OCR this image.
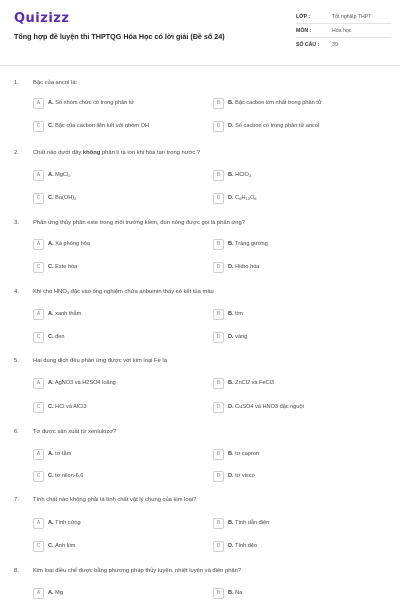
Quizizz
Tổng hợp đề luyện thi THPTQG Hóa Học có lời giải (Đề số 24)
LỚP :	Tốt nghiệp THPT
MÔN :	Hóa học
SỐ CÂU :	39
1. Bậc của ancol là:
A	A. Số nhóm chức có trong phân tử	B	B. Bậc cacbon lớn nhất trong phân tử
C	C. Bậc của cacbon liên kết với nhóm OH	D	D. Số cacbon có trong phân tử ancol
2. Chất nào dưới đây không phân li ra ion khi hòa tan trong nước ?
A	A. MgCl$_2$	B	B. HClO$_3$
C	C. $Ba(OH)_2$	D	D. $C_6H_{12}O_6$
3. Phản ứng thủy phân este trong môi trường kiềm, đun nóng được gọi là phản ứng?
A	A. Xà phòng hóa	B	B. Tráng gương
C	C. Este hóa	D	D. Hidro hóa
4. Khi cho $HNO_3$ đặc vào ống nghiệm chứa anbumin thấy có kết tủa màu
A	A. xanh thẫm	B	B. tím
C	C. đen	D	D. vàng
5. Hai dung dịch đều phản ứng được với kim loại Fe là
A	A. AgNO3 và H2SO4 loãng	B	B. ZnCl2 và FeCl3
C	C. HCl và AlCl3	D	D. CuSO4 và HNO3 đặc nguội
6. Tơ được sản xuất từ xenlulozơ?
A	A. tơ tằm	B	B. tơ capron
C	C. tơ nilon-6,6	D	D. tơ visco
7. Tính chất nào không phải là tính chất vật lý chung của kim loại?
A	A. Tính cứng	B	B. Tính dẫn điện
C	C. Ánh kim	D	D. Tính dẻo
8. Kim loại điều chế được bằng phương pháp thủy luyện, nhiệt luyện và điện phân?
A	A. Mg	B	B. Na
